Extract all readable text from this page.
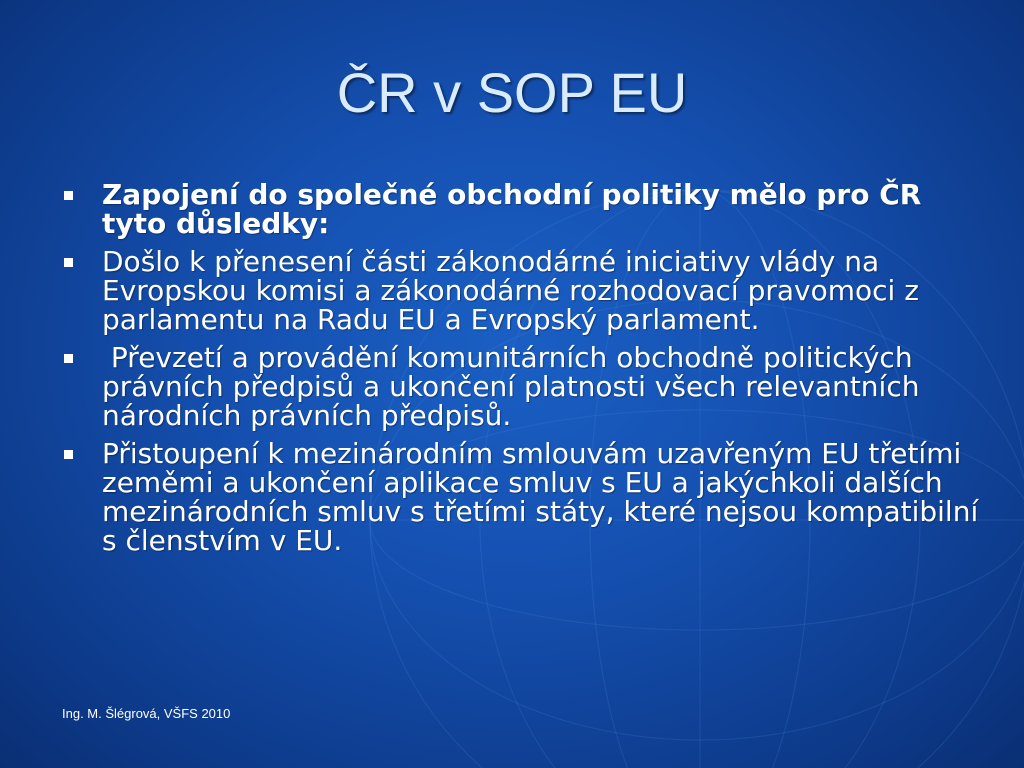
ČR v SOP EU
Zapojení do společné obchodní politiky mělo pro ČR tyto důsledky:
Došlo k přenesení části zákonodárné iniciativy vlády na Evropskou komisi a zákonodárné rozhodovací pravomoci z parlamentu na Radu EU a Evropský parlament.
Převzetí a provádění komunitárních obchodně politických právních předpisů a ukončení platnosti všech relevantních národních právních předpisů.
Přistoupení k mezinárodním smlouvám uzavřeným EU třetími zeměmi a ukončení aplikace smluv s EU a jakýchkoli dalších mezinárodních smluv s třetími státy, které nejsou kompatibilní s členstvím v EU.
Ing. M. Šlégrová, VŠFS 2010
